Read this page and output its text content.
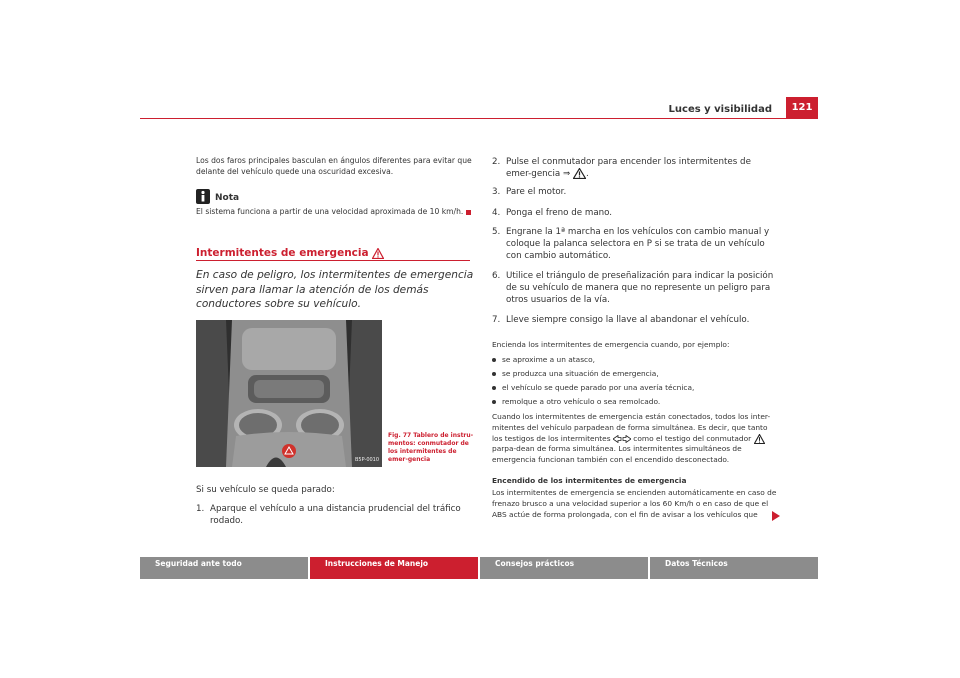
Luces y visibilidad	121
Los dos faros principales basculan en ángulos diferentes para evitar que delante del vehículo quede una oscuridad excesiva.
Nota
El sistema funciona a partir de una velocidad aproximada de 10 km/h.
Intermitentes de emergencia
En caso de peligro, los intermitentes de emergencia sirven para llamar la atención de los demás conductores sobre su vehículo.
B5P-0010
Fig. 77 Tablero de instru-mentos: conmutador de los intermitentes de emer-gencia
Si su vehículo se queda parado:
1. Aparque el vehículo a una distancia prudencial del tráfico rodado.
2. Pulse el conmutador para encender los intermitentes de emer-gencia ⇒ .
3. Pare el motor.
4. Ponga el freno de mano.
5. Engrane la 1ª marcha en los vehículos con cambio manual y coloque la palanca selectora en P si se trata de un vehículo con cambio automático.
6. Utilice el triángulo de preseñalización para indicar la posición de su vehículo de manera que no represente un peligro para otros usuarios de la vía.
7. Lleve siempre consigo la llave al abandonar el vehículo.
Encienda los intermitentes de emergencia cuando, por ejemplo:
se aproxime a un atasco,
se produzca una situación de emergencia,
el vehículo se quede parado por una avería técnica,
remolque a otro vehículo o sea remolcado.
Cuando los intermitentes de emergencia están conectados, todos los inter-mitentes del vehículo parpadean de forma simultánea. Es decir, que tanto los testigos de los intermitentes	como el testigo del conmutador  parpa-dean de forma simultánea. Los intermitentes simultáneos de emergencia funcionan también con el encendido desconectado.
Encendido de los intermitentes de emergencia
Los intermitentes de emergencia se encienden automáticamente en caso de frenazo brusco a una velocidad superior a los 60 Km/h o en caso de que el ABS actúe de forma prolongada, con el fin de avisar a los vehículos que
Seguridad ante todo	Instrucciones de Manejo	Consejos prácticos	Datos Técnicos
